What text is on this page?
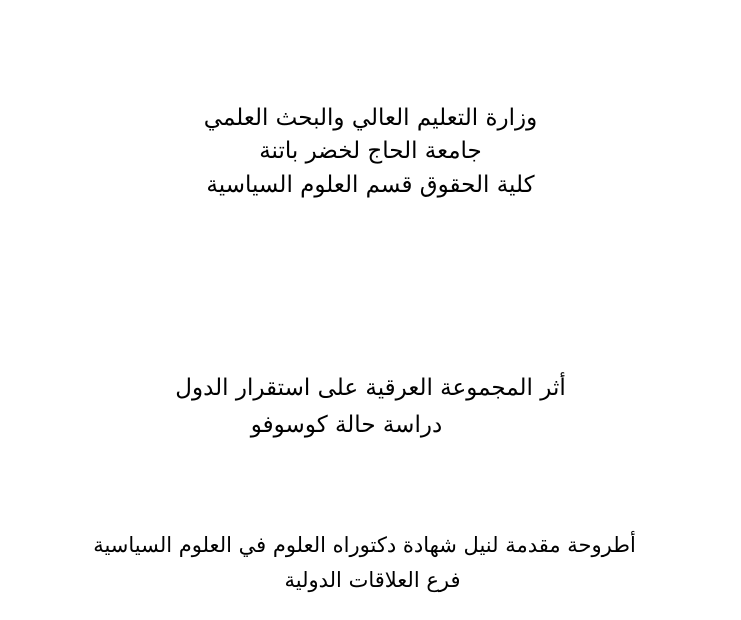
وزارة التعليم العالي والبحث العلمي
جامعة الحاج لخضر باتنة
كلية الحقوق قسم العلوم السياسية
أثر المجموعة العرقية على استقرار الدول
دراسة حالة كوسوفو
أطروحة مقدمة لنيل شهادة دكتوراه العلوم في العلوم السياسية
فرع العلاقات الدولية
